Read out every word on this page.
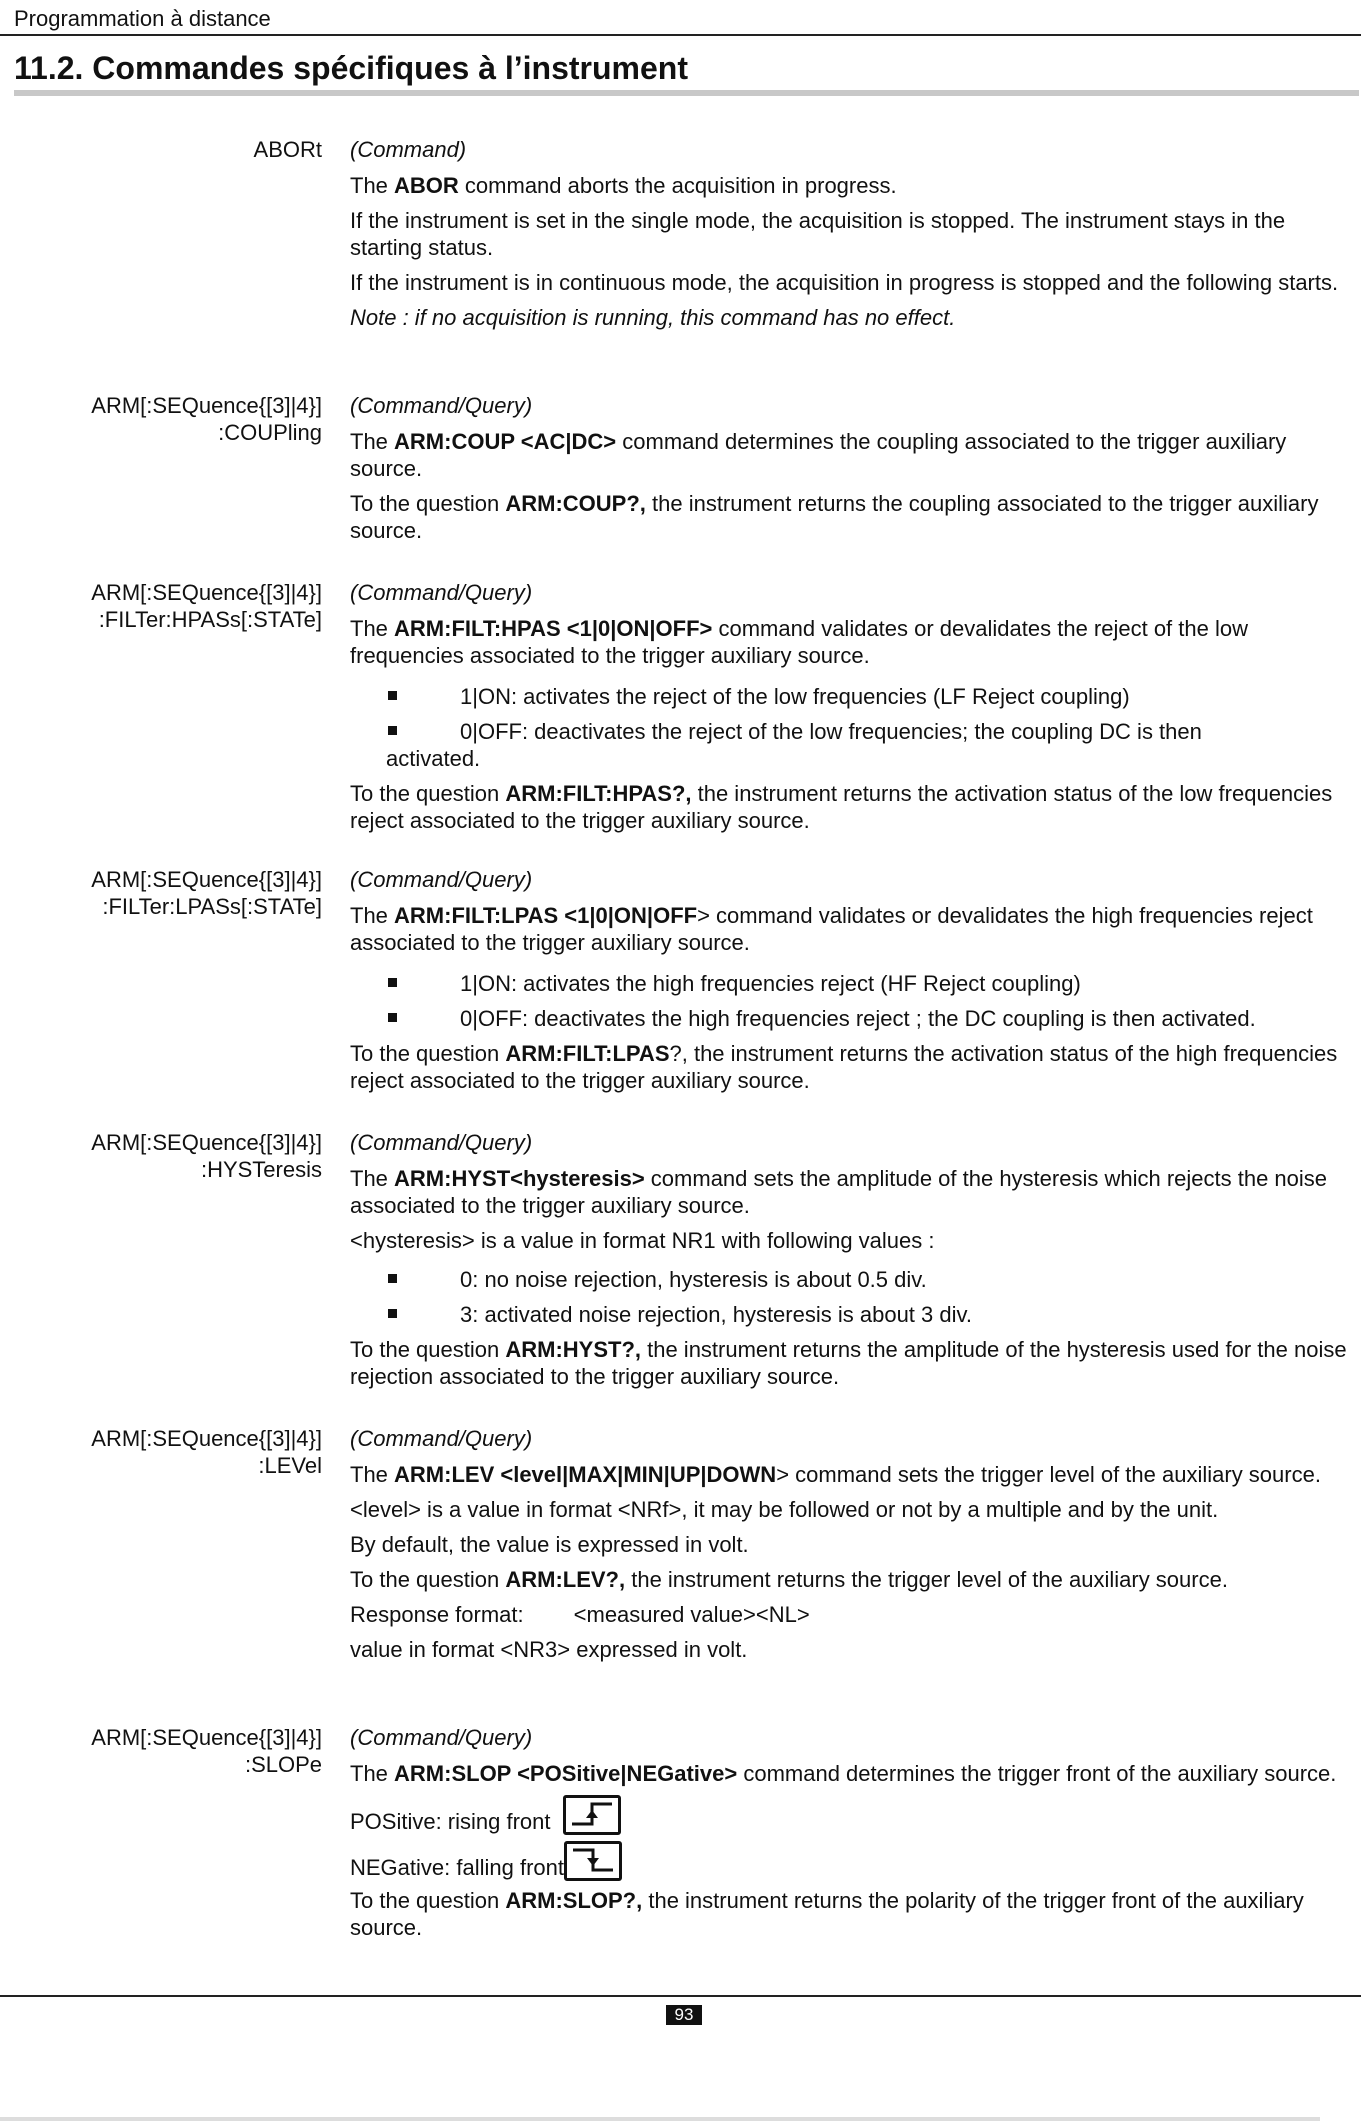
Programmation à distance
11.2. Commandes spécifiques à l’instrument
ABORt (Command)

The ABOR command aborts the acquisition in progress.

If the instrument is set in the single mode, the acquisition is stopped. The instrument stays in the starting status.

If the instrument is in continuous mode, the acquisition in progress is stopped and the following starts.

Note : if no acquisition is running, this command has no effect.

ARM[:SEQuence{[3]|4}]
:COUPling

(Command/Query)

The ARM:COUP <AC|DC> command determines the coupling associated to the trigger auxiliary source.

To the question ARM:COUP?, the instrument returns the coupling associated to the trigger auxiliary source.

ARM[:SEQuence{[3]|4}]
:FILTer:HPASs[:STATe]

(Command/Query)

The ARM:FILT:HPAS <1|0|ON|OFF> command validates or devalidates the reject of the low frequencies associated to the trigger auxiliary source.

1|ON: activates the reject of the low frequencies (LF Reject coupling)

0|OFF: deactivates the reject of the low frequencies; the coupling DC is then
activated.

To the question ARM:FILT:HPAS?, the instrument returns the activation status of the low frequencies reject associated to the trigger auxiliary source.

ARM[:SEQuence{[3]|4}]
:FILTer:LPASs[:STATe]

(Command/Query)

The ARM:FILT:LPAS <1|0|ON|OFF> command validates or devalidates the high frequencies reject associated to the trigger auxiliary source.

1|ON: activates the high frequencies reject (HF Reject coupling)

0|OFF: deactivates the high frequencies reject ; the DC coupling is then activated.

To the question ARM:FILT:LPAS?, the instrument returns the activation status of the high frequencies reject associated to the trigger auxiliary source.

ARM[:SEQuence{[3]|4}]
:HYSTeresis

(Command/Query)

The ARM:HYST<hysteresis> command sets the amplitude of the hysteresis which rejects the noise associated to the trigger auxiliary source.

<hysteresis> is a value in format NR1 with following values :

0: no noise rejection, hysteresis is about 0.5 div.

3: activated noise rejection, hysteresis is about 3 div.

To the question ARM:HYST?, the instrument returns the amplitude of the hysteresis used for the noise rejection associated to the trigger auxiliary source.

ARM[:SEQuence{[3]|4}]
:LEVel

(Command/Query)

The ARM:LEV <level|MAX|MIN|UP|DOWN> command sets the trigger level of the auxiliary source.

<level> is a value in format <NRf>, it may be followed or not by a multiple and by the unit.

By default, the value is expressed in volt.

To the question ARM:LEV?, the instrument returns the trigger level of the auxiliary source.

Response format: <measured value><NL>

value in format <NR3> expressed in volt.

ARM[:SEQuence{[3]|4}]
:SLOPe

(Command/Query)

The ARM:SLOP <POSitive|NEGative> command determines the trigger front of the auxiliary source.

POSitive: rising front
NEGative: falling front

To the question ARM:SLOP?, the instrument returns the polarity of the trigger front of the auxiliary source.

93
